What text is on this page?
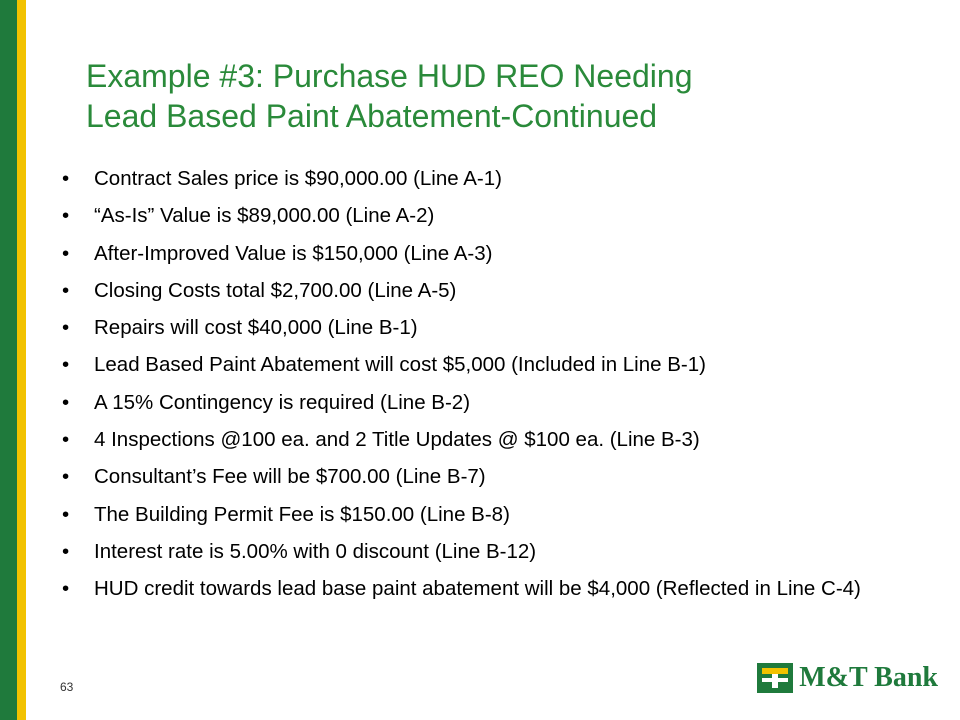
Example #3: Purchase HUD REO Needing
Lead Based Paint Abatement-Continued
•	Contract Sales price is $90,000.00 (Line A-1)
•	“As-Is” Value is $89,000.00 (Line A-2)
•	After-Improved Value is $150,000 (Line A-3)
•	Closing Costs total $2,700.00 (Line A-5)
•	Repairs will cost $40,000 (Line B-1)
•	Lead Based Paint Abatement will cost $5,000 (Included in Line B-1)
•	A 15% Contingency is required (Line B-2)
•	4 Inspections @100 ea. and 2 Title Updates @ $100 ea. (Line B-3)
•	Consultant’s Fee will be $700.00 (Line B-7)
•	The Building Permit Fee is $150.00 (Line B-8)
•	Interest rate is 5.00% with 0 discount (Line B-12)
•	HUD credit towards lead base paint abatement will be $4,000 (Reflected in Line C-4)
63	M&T Bank
